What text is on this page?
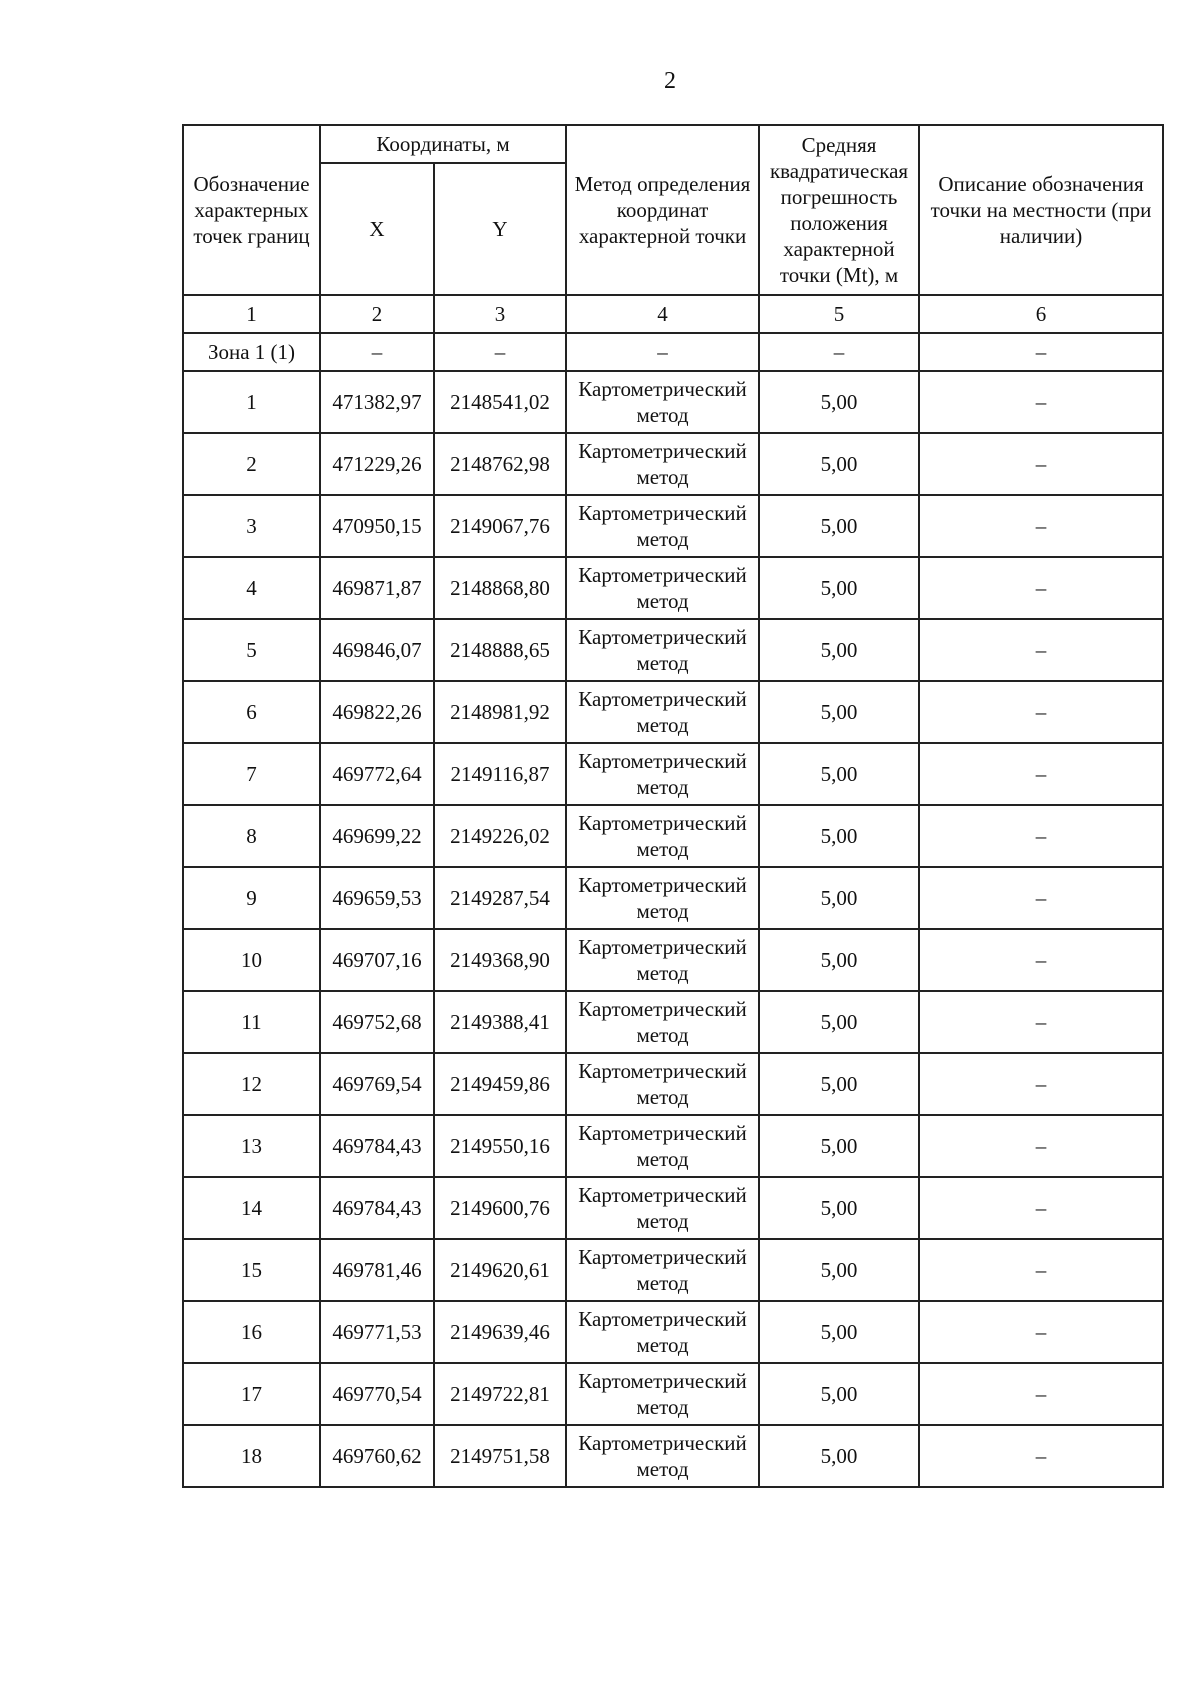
2
Обозначение характерных точек границ	Координаты, м		Метод определения координат характерной точки	Средняя квадратическая погрешность положения характерной точки (Mt), м	Описание обозначения точки на местности (при наличии)
	X	Y			
1	2	3	4	5	6
Зона 1 (1)	–	–	–	–	–
1	471382,97	2148541,02	Картометрический метод	5,00	–
2	471229,26	2148762,98	Картометрический метод	5,00	–
3	470950,15	2149067,76	Картометрический метод	5,00	–
4	469871,87	2148868,80	Картометрический метод	5,00	–
5	469846,07	2148888,65	Картометрический метод	5,00	–
6	469822,26	2148981,92	Картометрический метод	5,00	–
7	469772,64	2149116,87	Картометрический метод	5,00	–
8	469699,22	2149226,02	Картометрический метод	5,00	–
9	469659,53	2149287,54	Картометрический метод	5,00	–
10	469707,16	2149368,90	Картометрический метод	5,00	–
11	469752,68	2149388,41	Картометрический метод	5,00	–
12	469769,54	2149459,86	Картометрический метод	5,00	–
13	469784,43	2149550,16	Картометрический метод	5,00	–
14	469784,43	2149600,76	Картометрический метод	5,00	–
15	469781,46	2149620,61	Картометрический метод	5,00	–
16	469771,53	2149639,46	Картометрический метод	5,00	–
17	469770,54	2149722,81	Картометрический метод	5,00	–
18	469760,62	2149751,58	Картометрический метод	5,00	–
